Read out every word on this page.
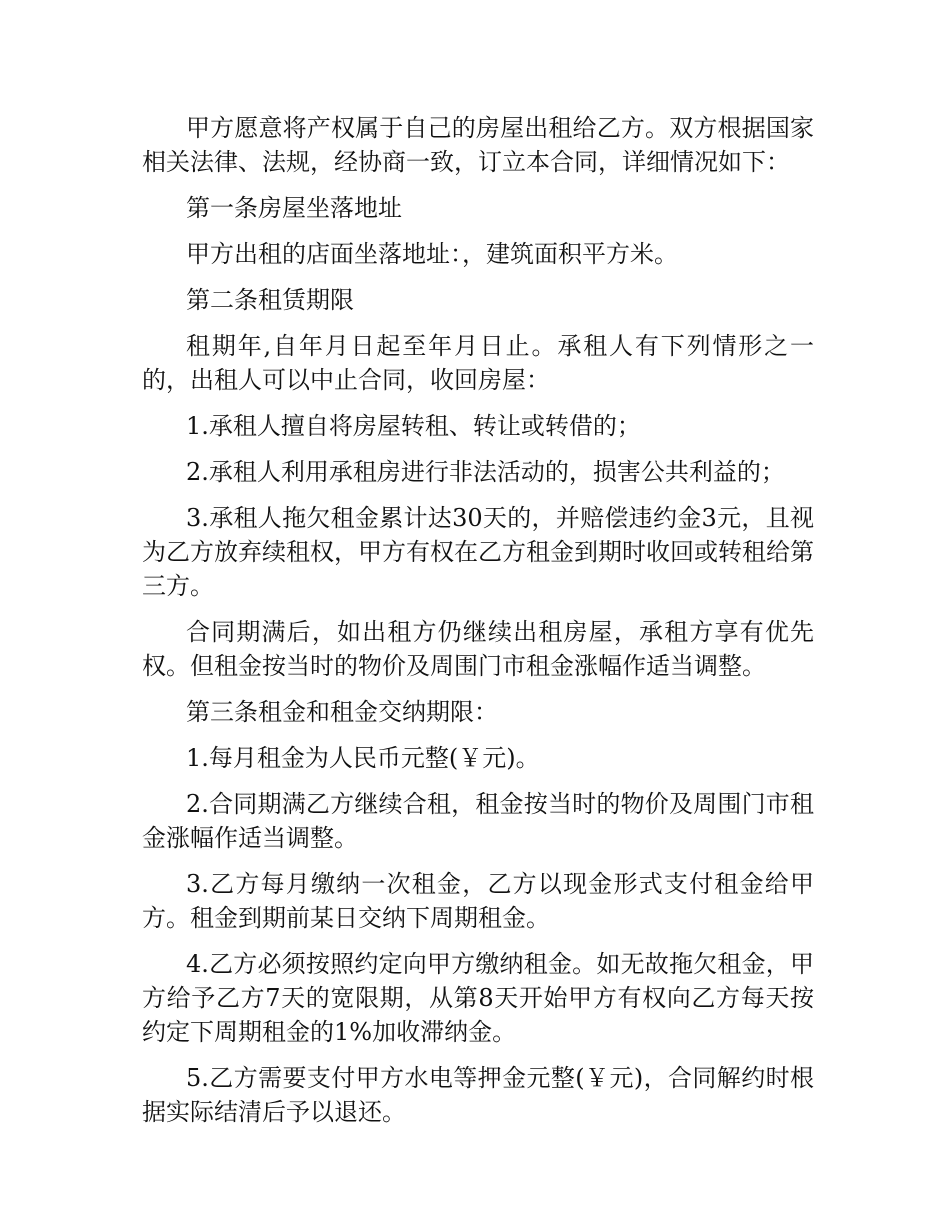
甲方愿意将产权属于自己的房屋出租给乙方。双方根据国家相关法律、法规，经协商一致，订立本合同，详细情况如下：

第一条房屋坐落地址

甲方出租的店面坐落地址：，建筑面积平方米。

第二条租赁期限

租期年,自年月日起至年月日止。承租人有下列情形之一的，出租人可以中止合同，收回房屋：

1.承租人擅自将房屋转租、转让或转借的；

2.承租人利用承租房进行非法活动的，损害公共利益的；

3.承租人拖欠租金累计达30天的，并赔偿违约金3元，且视为乙方放弃续租权，甲方有权在乙方租金到期时收回或转租给第三方。

合同期满后，如出租方仍继续出租房屋，承租方享有优先权。但租金按当时的物价及周围门市租金涨幅作适当调整。

第三条租金和租金交纳期限：

1.每月租金为人民币元整(￥元)。

2.合同期满乙方继续合租，租金按当时的物价及周围门市租金涨幅作适当调整。

3.乙方每月缴纳一次租金，乙方以现金形式支付租金给甲方。租金到期前某日交纳下周期租金。

4.乙方必须按照约定向甲方缴纳租金。如无故拖欠租金，甲方给予乙方7天的宽限期，从第8天开始甲方有权向乙方每天按约定下周期租金的1%加收滞纳金。

5.乙方需要支付甲方水电等押金元整(￥元)，合同解约时根据实际结清后予以退还。
